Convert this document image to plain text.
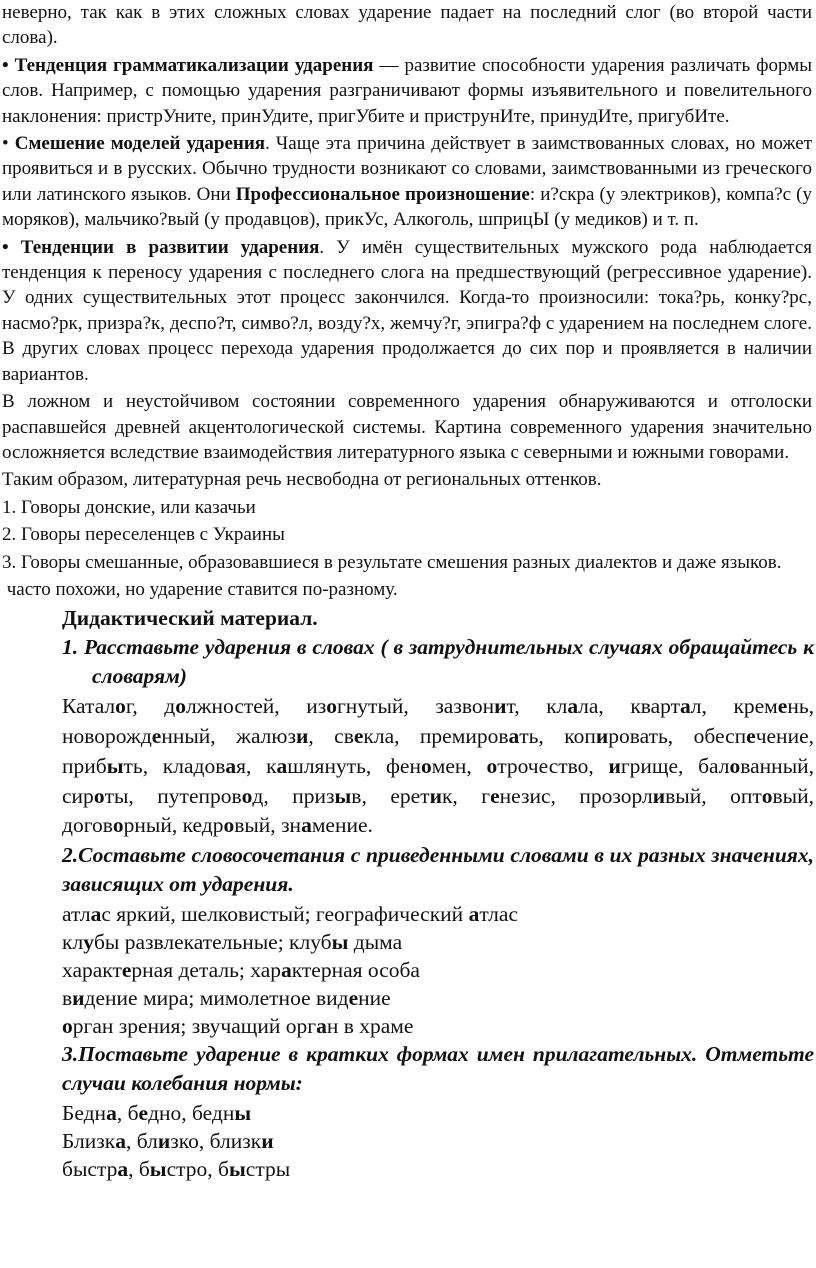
неверно, так как в этих сложных словах ударение падает на последний слог (во второй части слова).

• Тенденция грамматикализации ударения — развитие способности ударения различать формы слов. Например, с помощью ударения разграничивают формы изъявительного и повелительного наклонения: пристрУните, принУдите, пригУбите и приструнИте, принудИте, пригубИте.

• Смешение моделей ударения. Чаще эта причина действует в заимствованных словах, но может проявиться и в русских. Обычно трудности возникают со словами, заимствованными из греческого или латинского языков. Они Профессиональное произношение: и?скра (у электриков), компа?с (у моряков), мальчико?вый (у продавцов), прикУс, Алкоголь, шприцЫ (у медиков) и т. п.

• Тенденции в развитии ударения. У имён существительных мужского рода наблюдается тенденция к переносу ударения с последнего слога на предшествующий (регрессивное ударение). У одних существительных этот процесс закончился. Когда-то произносили: тока?рь, конку?рс, насмо?рк, призра?к, деспо?т, симво?л, возду?х, жемчу?г, эпигра?ф с ударением на последнем слоге. В других словах процесс перехода ударения продолжается до сих пор и проявляется в наличии вариантов.

В ложном и неустойчивом состоянии современного ударения обнаруживаются и отголоски распавшейся древней акцентологической системы. Картина современного ударения значительно осложняется вследствие взаимодействия литературного языка с северными и южными говорами.

Таким образом, литературная речь несвободна от региональных оттенков.

1. Говоры донские, или казачьи

2. Говоры переселенцев с Украины

3. Говоры смешанные, образовавшиеся в результате смешения разных диалектов и даже языков.

часто похожи, но ударение ставится по-разному.

Дидактический материал.

1. Расставьте ударения в словах ( в затруднительных случаях обращайтесь к словарям)

Каталог, должностей, изогнутый, зазвонит, клала, квартал, кремень, новорожденный, жалюзи, свекла, премировать, копировать, обеспечение, прибыть, кладовая, кашлянуть, феномен, отрочество, игрище, балованный, сироты, путепровод, призыв, еретик, генезис, прозорливый, оптовый, договорный, кедровый, знамение.

2.Составьте словосочетания с приведенными словами в их разных значениях, зависящих от ударения.

атлас яркий, шелковистый; географический атлас

клубы развлекательные; клубы дыма

характерная деталь; характерная особа

видение мира; мимолетное видение

орган зрения; звучащий орган в храме

3.Поставьте ударение в кратких формах имен прилагательных. Отметьте случаи колебания нормы:

Бедна, бедно, бедны

Близка, близко, близки

быстра, быстро, быстры
